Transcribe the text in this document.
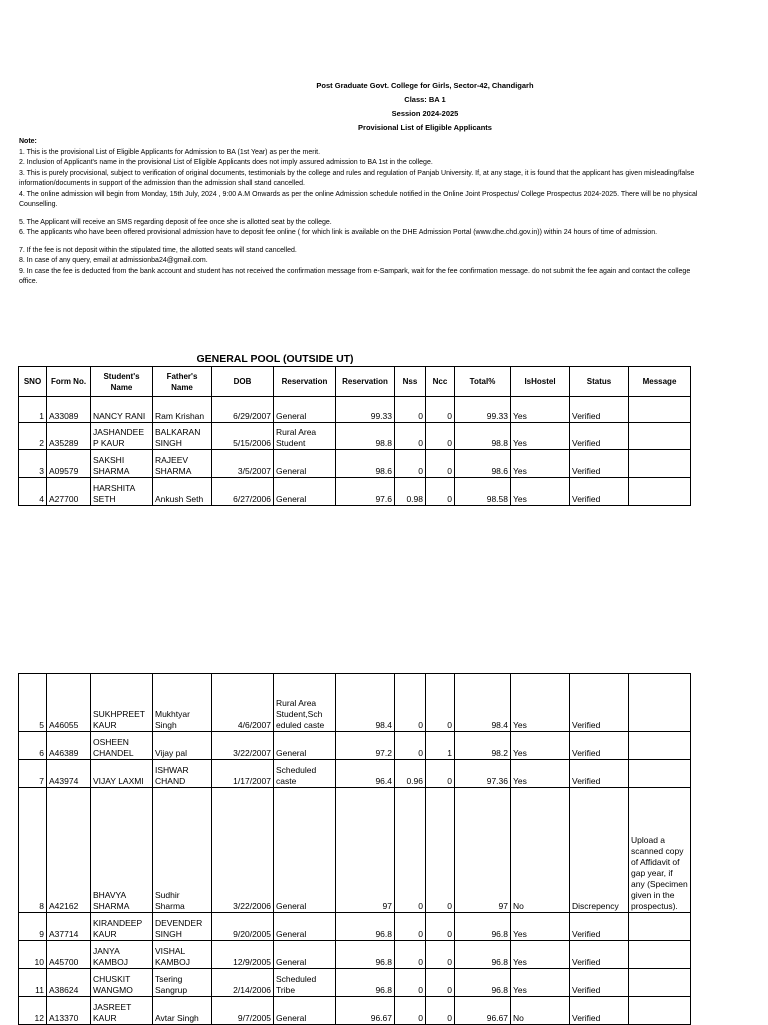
Post Graduate Govt. College for Girls, Sector-42, Chandigarh
Class: BA 1
Session 2024-2025
Provisional List of Eligible Applicants

Note:

1. This is the provisional List of Eligible Applicants for Admission to BA (1st Year) as per the merit.

2. Inclusion of Applicant's name in the provisional List of Eligible Applicants does not imply assured admission to BA 1st in the college.

3. This is purely procvisional, subject to verification of original documents, testimonials by the college and rules and regulation of Panjab University. If, at any stage, it is found that the applicant has given misleading/false information/documents in support of the admission than the admission shall stand cancelled.

4. The online admission will begin from Monday, 15th July, 2024 , 9:00 A.M Onwards as per the online Admission schedule notified in the Online Joint Prospectus/ College Prospectus 2024-2025. There will be no physical Counselling.

5. The Applicant will receive an SMS regarding deposit of fee once she is allotted seat by the college.

6. The applicants who have been offered provisional admission have to deposit fee online ( for which link is available on the DHE Admission Portal (www.dhe.chd.gov.in)) within 24 hours of time of admission.

7. If the fee is not deposit within the stipulated time, the allotted seats will stand cancelled.

8. In case of any query, email at admissionba24@gmail.com.

9. In case the fee is deducted from the bank account and student has not received the confirmation message from e-Sampark, wait for the fee confirmation message. do not submit the fee again and contact the college office.

GENERAL POOL (OUTSIDE UT)
SNO	Form No.	Student's Name	Father's Name	DOB	Reservation	Reservation	Nss	Ncc	Total%	IsHostel	Status	Message
1	A33089	NANCY RANI	Ram Krishan	6/29/2007	General	99.33	0	0	99.33	Yes	Verified	
2	A35289	JASHANDEE P KAUR	BALKARAN SINGH	5/15/2006	Rural Area Student	98.8	0	0	98.8	Yes	Verified	
3	A09579	SAKSHI SHARMA	RAJEEV SHARMA	3/5/2007	General	98.6	0	0	98.6	Yes	Verified	
4	A27700	HARSHITA SETH	Ankush Seth	6/27/2006	General	97.6	0.98	0	98.58	Yes	Verified	
5	A46055	SUKHPREET KAUR	Mukhtyar Singh	4/6/2007	Rural Area Student,Sch eduled caste	98.4	0	0	98.4	Yes	Verified	
6	A46389	OSHEEN CHANDEL	Vijay pal	3/22/2007	General	97.2	0	1	98.2	Yes	Verified	
7	A43974	VIJAY LAXMI	ISHWAR CHAND	1/17/2007	Scheduled caste	96.4	0.96	0	97.36	Yes	Verified	
8	A42162	BHAVYA SHARMA	Sudhir Sharma	3/22/2006	General	97	0	0	97	No	Discrepency	Upload a scanned copy of Affidavit of gap year, if any (Specimen given in the prospectus).
9	A37714	KIRANDEEP KAUR	DEVENDER SINGH	9/20/2005	General	96.8	0	0	96.8	Yes	Verified	
10	A45700	JANYA KAMBOJ	VISHAL KAMBOJ	12/9/2005	General	96.8	0	0	96.8	Yes	Verified	
11	A38624	CHUSKIT WANGMO	Tsering Sangrup	2/14/2006	Scheduled Tribe	96.8	0	0	96.8	Yes	Verified	
12	A13370	JASREET KAUR	Avtar Singh	9/7/2005	General	96.67	0	0	96.67	No	Verified	
